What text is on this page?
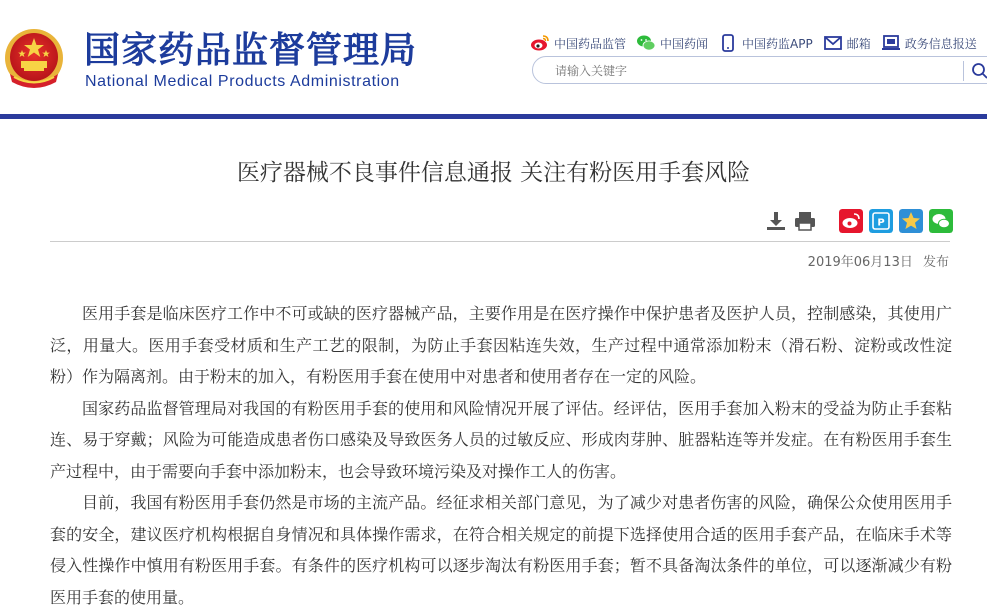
国家药品监督管理局
National Medical Products Administration
中国药品监管	中国药闻	中国药监APP	邮箱	政务信息报送
请输入关键字
医疗器械不良事件信息通报 关注有粉医用手套风险
P
2019年06月13日 发布

医用手套是临床医疗工作中不可或缺的医疗器械产品，主要作用是在医疗操作中保护患者及医护人员，控制感染，其使用广泛，用量大。医用手套受材质和生产工艺的限制，为防止手套因粘连失效，生产过程中通常添加粉末（滑石粉、淀粉或改性淀粉）作为隔离剂。由于粉末的加入，有粉医用手套在使用中对患者和使用者存在一定的风险。

国家药品监督管理局对我国的有粉医用手套的使用和风险情况开展了评估。经评估，医用手套加入粉末的受益为防止手套粘连、易于穿戴；风险为可能造成患者伤口感染及导致医务人员的过敏反应、形成肉芽肿、脏器粘连等并发症。在有粉医用手套生产过程中，由于需要向手套中添加粉末，也会导致环境污染及对操作工人的伤害。

目前，我国有粉医用手套仍然是市场的主流产品。经征求相关部门意见，为了减少对患者伤害的风险，确保公众使用医用手套的安全，建议医疗机构根据自身情况和具体操作需求，在符合相关规定的前提下选择使用合适的医用手套产品，在临床手术等侵入性操作中慎用有粉医用手套。有条件的医疗机构可以逐步淘汰有粉医用手套；暂不具备淘汰条件的单位，可以逐渐减少有粉医用手套的使用量。
